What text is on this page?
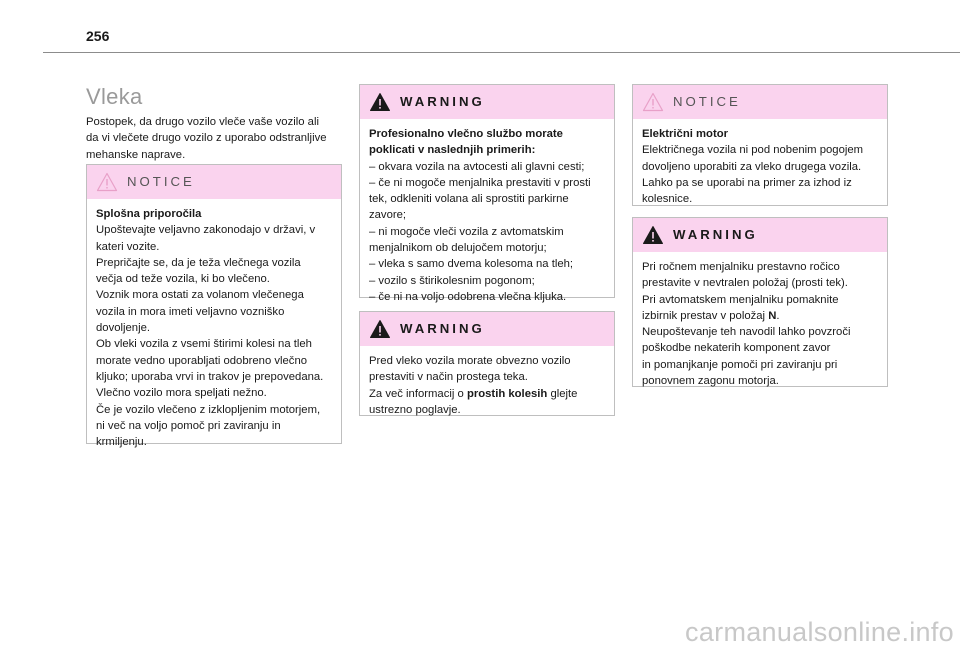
256
Vleka
Postopek, da drugo vozilo vleče vaše vozilo ali
da vi vlečete drugo vozilo z uporabo odstranljive
mehanske naprave.
NOTICE
Splošna priporočila
Upoštevajte veljavno zakonodajo v državi, v
kateri vozite.
Prepričajte se, da je teža vlečnega vozila
večja od teže vozila, ki bo vlečeno.
Voznik mora ostati za volanom vlečenega
vozila in mora imeti veljavno vozniško
dovoljenje.
Ob vleki vozila z vsemi štirimi kolesi na tleh
morate vedno uporabljati odobreno vlečno
kljuko; uporaba vrvi in trakov je prepovedana.
Vlečno vozilo mora speljati nežno.
Če je vozilo vlečeno z izklopljenim motorjem,
ni več na voljo pomoč pri zaviranju in
krmiljenju.
WARNING
Profesionalno vlečno službo morate
poklicati v naslednjih primerih:
– okvara vozila na avtocesti ali glavni cesti;
– če ni mogoče menjalnika prestaviti v prosti
tek, odkleniti volana ali sprostiti parkirne
zavore;
– ni mogoče vleči vozila z avtomatskim
menjalnikom ob delujočem motorju;
– vleka s samo dvema kolesoma na tleh;
– vozilo s štirikolesnim pogonom;
– če ni na voljo odobrena vlečna kljuka.
WARNING
Pred vleko vozila morate obvezno vozilo
prestaviti v način prostega teka.
Za več informacij o prostih kolesih glejte
ustrezno poglavje.
NOTICE
Električni motor
Električnega vozila ni pod nobenim pogojem
dovoljeno uporabiti za vleko drugega vozila.
Lahko pa se uporabi na primer za izhod iz
kolesnice.
WARNING
Pri ročnem menjalniku prestavno ročico
prestavite v nevtralen položaj (prosti tek).
Pri avtomatskem menjalniku pomaknite
izbirnik prestav v položaj N.
Neupoštevanje teh navodil lahko povzroči
poškodbe nekaterih komponent zavor
in pomanjkanje pomoči pri zaviranju pri
ponovnem zagonu motorja.
carmanualsonline.info
